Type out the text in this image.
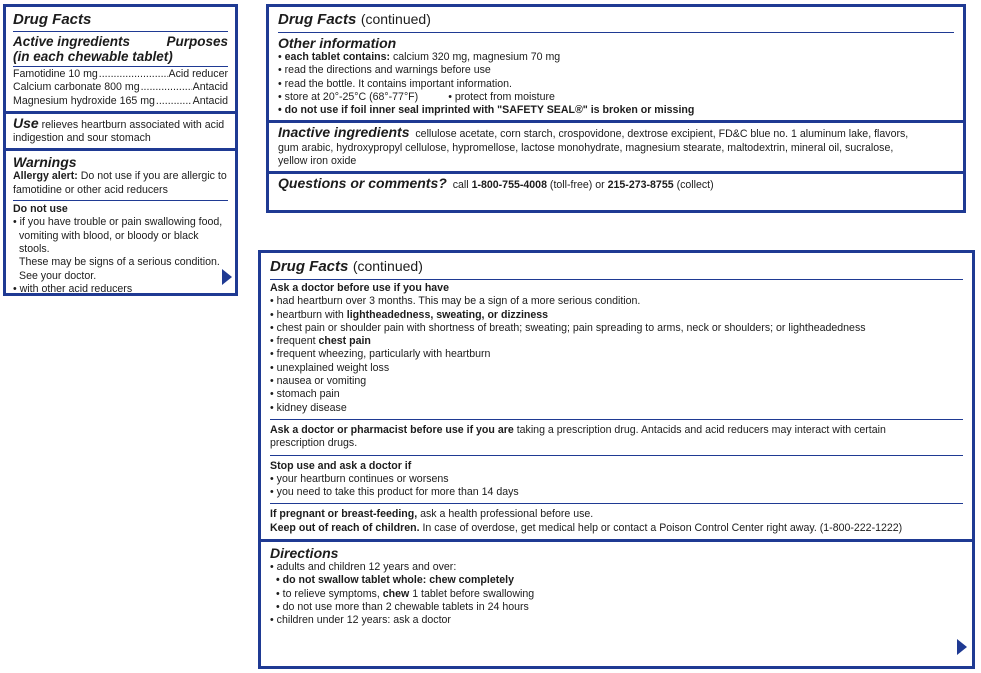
Drug Facts
Active ingredients	Purposes
(in each chewable tablet)
Famotidine 10 mg .....	Acid reducer
Calcium carbonate 800 mg .....	Antacid
Magnesium hydroxide 165 mg .....	Antacid
Use relieves heartburn associated with acid
indigestion and sour stomach
Warnings
Allergy alert: Do not use if you are allergic to
famotidine or other acid reducers
Do not use
• if you have trouble or pain swallowing food,
vomiting with blood, or bloody or black stools.
These may be signs of a serious condition.
See your doctor.
• with other acid reducers
Drug Facts (continued)
Other information
• each tablet contains: calcium 320 mg, magnesium 70 mg
• read the directions and warnings before use
• read the bottle. It contains important information.
• store at 20°-25°C (68°-77°F) •	protect from moisture
• do not use if foil inner seal imprinted with "SAFETY SEAL®" is broken or missing
Inactive ingredients cellulose acetate, corn starch, crospovidone, dextrose excipient, FD&C blue no. 1 aluminum lake, flavors,
gum arabic, hydroxypropyl cellulose, hypromellose, lactose monohydrate, magnesium stearate, maltodextrin, mineral oil, sucralose,
yellow iron oxide
Questions or comments? call 1-800-755-4008 (toll-free) or 215-273-8755 (collect)
Drug Facts (continued)
Ask a doctor before use if you have
• had heartburn over 3 months. This may be a sign of a more serious condition.
• heartburn with lightheadedness, sweating, or dizziness
• chest pain or shoulder pain with shortness of breath; sweating; pain spreading to arms, neck or shoulders; or lightheadedness
• frequent chest pain
• frequent wheezing, particularly with heartburn
• unexplained weight loss
• nausea or vomiting
• stomach pain
• kidney disease
Ask a doctor or pharmacist before use if you are taking a prescription drug. Antacids and acid reducers may interact with certain
prescription drugs.
Stop use and ask a doctor if
• your heartburn continues or worsens
• you need to take this product for more than 14 days
If pregnant or breast-feeding, ask a health professional before use.
Keep out of reach of children. In case of overdose, get medical help or contact a Poison Control Center right away. (1-800-222-1222)
Directions
• adults and children 12 years and over:
• do not swallow tablet whole: chew completely
• to relieve symptoms, chew 1 tablet before swallowing
• do not use more than 2 chewable tablets in 24 hours
• children under 12 years: ask a doctor
